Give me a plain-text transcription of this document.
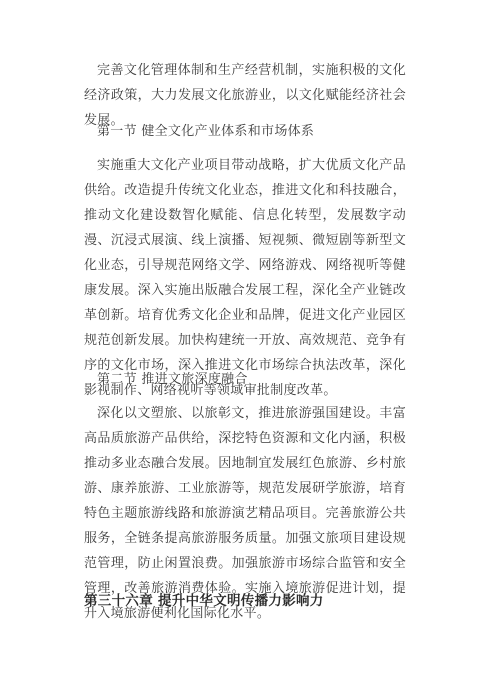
完善文化管理体制和生产经营机制，实施积极的文化经济政策，大力发展文化旅游业，以文化赋能经济社会发展。

第一节 健全文化产业体系和市场体系

实施重大文化产业项目带动战略，扩大优质文化产品供给。改造提升传统文化业态，推进文化和科技融合，推动文化建设数智化赋能、信息化转型，发展数字动漫、沉浸式展演、线上演播、短视频、微短剧等新型文化业态，引导规范网络文学、网络游戏、网络视听等健康发展。深入实施出版融合发展工程，深化全产业链改革创新。培育优秀文化企业和品牌，促进文化产业园区规范创新发展。加快构建统一开放、高效规范、竞争有序的文化市场，深入推进文化市场综合执法改革，深化影视制作、网络视听等领域审批制度改革。

第二节 推进文旅深度融合

深化以文塑旅、以旅彰文，推进旅游强国建设。丰富高品质旅游产品供给，深挖特色资源和文化内涵，积极推动多业态融合发展。因地制宜发展红色旅游、乡村旅游、康养旅游、工业旅游等，规范发展研学旅游，培育特色主题旅游线路和旅游演艺精品项目。完善旅游公共服务，全链条提高旅游服务质量。加强文旅项目建设规范管理，防止闲置浪费。加强旅游市场综合监管和安全管理，改善旅游消费体验。实施入境旅游促进计划，提升入境旅游便利化国际化水平。

第三十六章 提升中华文明传播力影响力
